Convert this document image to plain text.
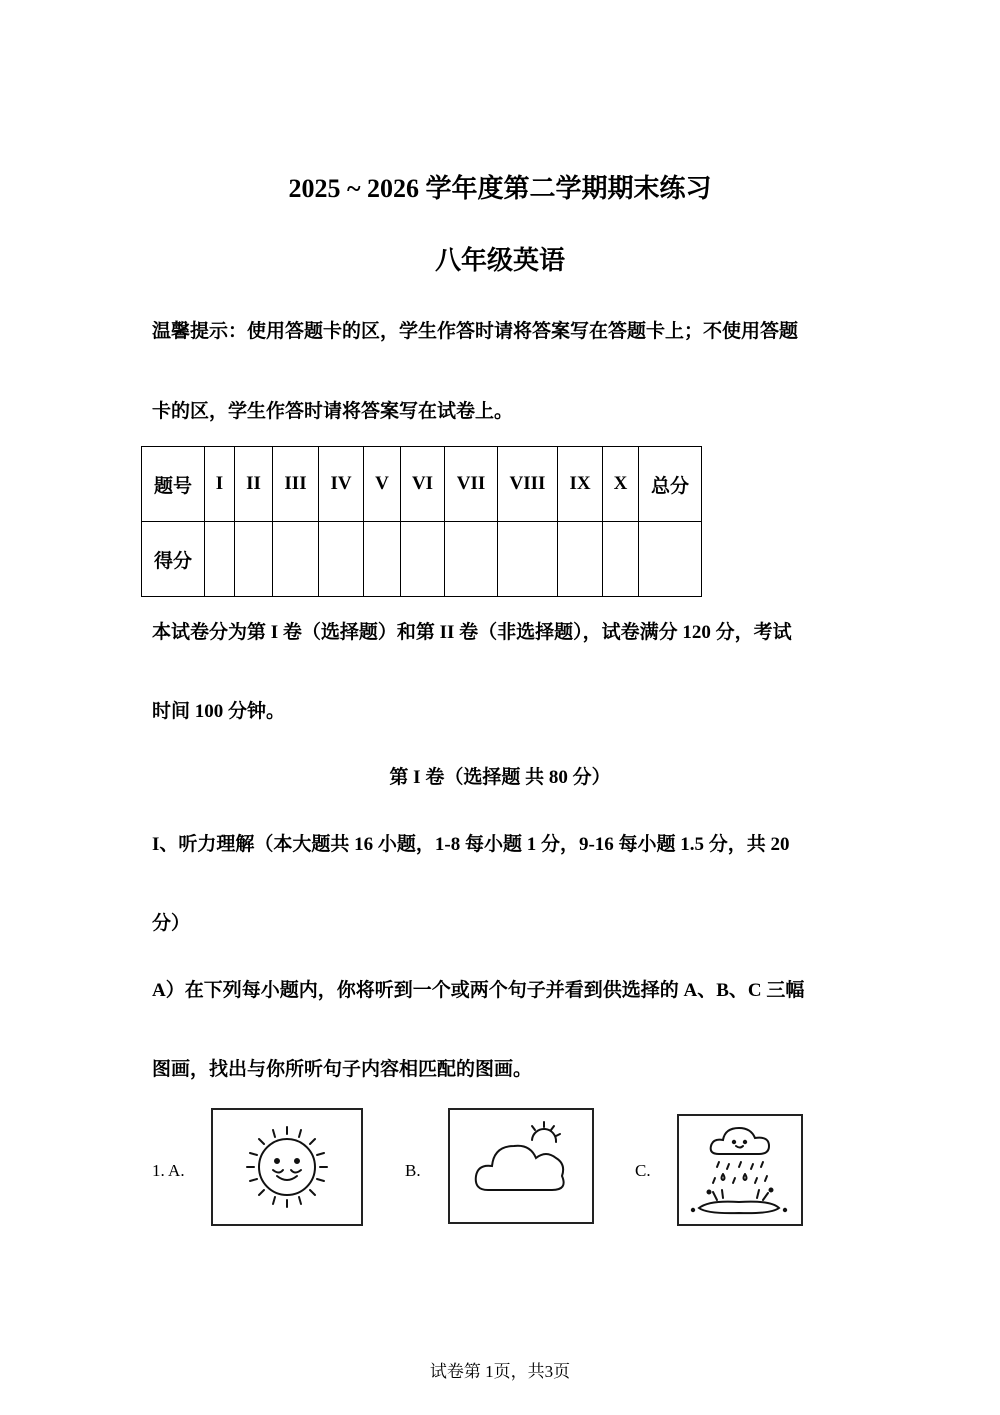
2025 ~ 2026 学年度第二学期期末练习
八年级英语
温馨提示：使用答题卡的区，学生作答时请将答案写在答题卡上；不使用答题
卡的区，学生作答时请将答案写在试卷上。
题号	I	II	III	IV	V	VI	VII	VIII	IX	X	总分
得分											
本试卷分为第 I 卷（选择题）和第 II 卷（非选择题），试卷满分 120 分，考试
时间 100 分钟。
第 I 卷（选择题 共 80 分）
I、听力理解（本大题共 16 小题，1-8 每小题 1 分，9-16 每小题 1.5 分，共 20
分）
A）在下列每小题内，你将听到一个或两个句子并看到供选择的 A、B、C 三幅
图画，找出与你所听句子内容相匹配的图画。
1. A.	B.	C.
试卷第 1页，共3页
